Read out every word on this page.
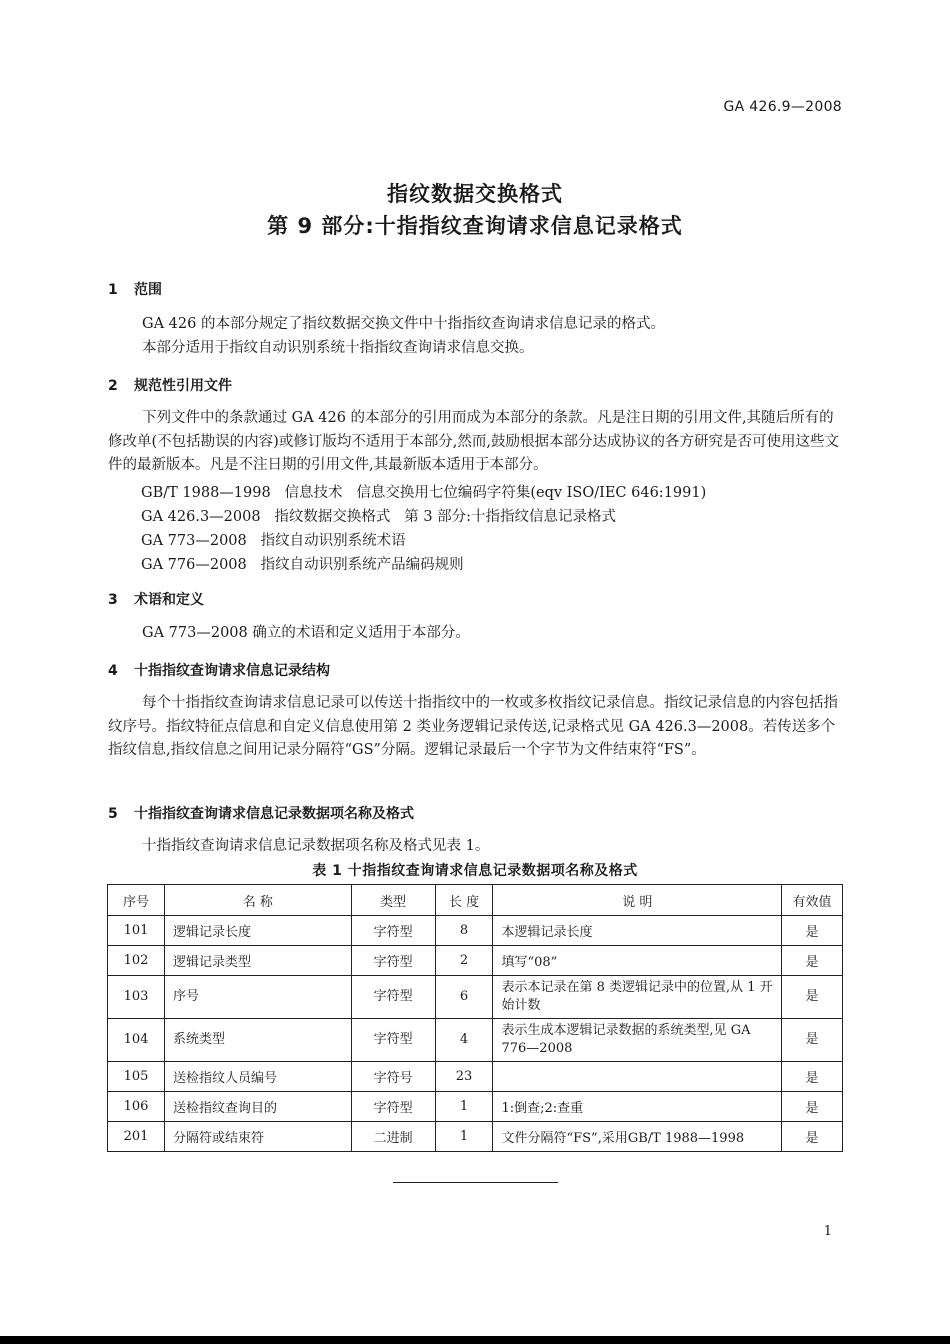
GA 426.9—2008
指纹数据交换格式
第 9 部分:十指指纹查询请求信息记录格式
1 范围
GA 426 的本部分规定了指纹数据交换文件中十指指纹查询请求信息记录的格式。
本部分适用于指纹自动识别系统十指指纹查询请求信息交换。
2 规范性引用文件
下列文件中的条款通过 GA 426 的本部分的引用而成为本部分的条款。凡是注日期的引用文件,其随后所有的修改单(不包括勘误的内容)或修订版均不适用于本部分,然而,鼓励根据本部分达成协议的各方研究是否可使用这些文件的最新版本。凡是不注日期的引用文件,其最新版本适用于本部分。
GB/T 1988—1998   信息技术   信息交换用七位编码字符集(eqv ISO/IEC 646:1991)
GA 426.3—2008   指纹数据交换格式   第 3 部分:十指指纹信息记录格式
GA 773—2008   指纹自动识别系统术语
GA 776—2008   指纹自动识别系统产品编码规则
3 术语和定义
GA 773—2008 确立的术语和定义适用于本部分。
4 十指指纹查询请求信息记录结构
每个十指指纹查询请求信息记录可以传送十指指纹中的一枚或多枚指纹记录信息。指纹记录信息的内容包括指纹序号。指纹特征点信息和自定义信息使用第 2 类业务逻辑记录传送,记录格式见 GA 426.3—2008。若传送多个指纹信息,指纹信息之间用记录分隔符“GS”分隔。逻辑记录最后一个字节为文件结束符“FS”。
5 十指指纹查询请求信息记录数据项名称及格式
十指指纹查询请求信息记录数据项名称及格式见表 1。
表 1 十指指纹查询请求信息记录数据项名称及格式
序号	名 称	类型	长 度	说 明	有效值
101	逻辑记录长度	字符型	8	本逻辑记录长度	是
102	逻辑记录类型	字符型	2	填写“08”	是
103	序号	字符型	6	表示本记录在第 8 类逻辑记录中的位置,从 1 开始计数	是
104	系统类型	字符型	4	表示生成本逻辑记录数据的系统类型,见 GA 776—2008	是
105	送检指纹人员编号	字符号	23		是
106	送检指纹查询目的	字符型	1	1:倒查;2:查重	是
201	分隔符或结束符	二进制	1	文件分隔符“FS”,采用GB/T 1988—1998	是
1
